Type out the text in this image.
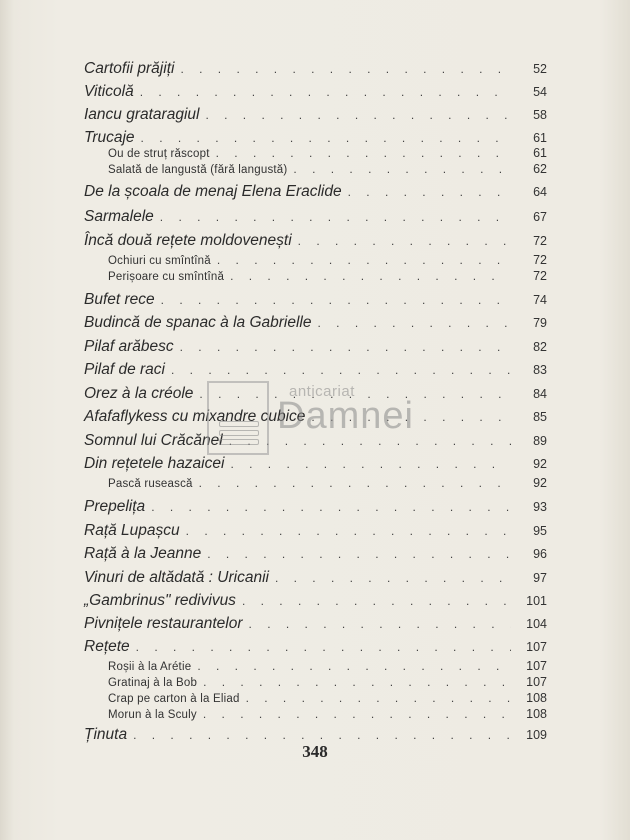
Cartofii prăjiți . . .	52
Viticolă . . .	54
Iancu grataragiul . . .	58
Trucaje . . .	61
Ou de struț răscopt . . .	61
Salată de langustă (fără langustă) . . .	62
De la școala de menaj Elena Eraclide . . .	64
Sarmalele . . .	67
Încă două rețete moldovenești . . .	72
Ochiuri cu smîntînă . . .	72
Perișoare cu smîntînă . . .	72
Bufet rece . . .	74
Budincă de spanac à la Gabrielle . . .	79
Pilaf arăbesc . . .	82
Pilaf de raci . . .	83
Orez à la créole . . .	84
Afafaflykess cu mixandre cubice . . .	85
Somnul lui Crăcănel . . .	89
Din rețetele hazaicei . . .	92
Pască rusească . . .	92
Prepelița . . .	93
Rață Lupașcu . . .	95
Rață à la Jeanne . . .	96
Vinuri de altădată : Uricanii . . .	97
„Gambrinus" redivivus . . .	101
Pivnițele restaurantelor . . .	104
Rețete . . .	107
Roșii à la Arétie . . .	107
Gratinaj à la Bob . . .	107
Crap pe carton à la Eliad . . .	108
Morun à la Sculy . . .	108
Ținuta . . .	109
anticariat
Damnei
348
